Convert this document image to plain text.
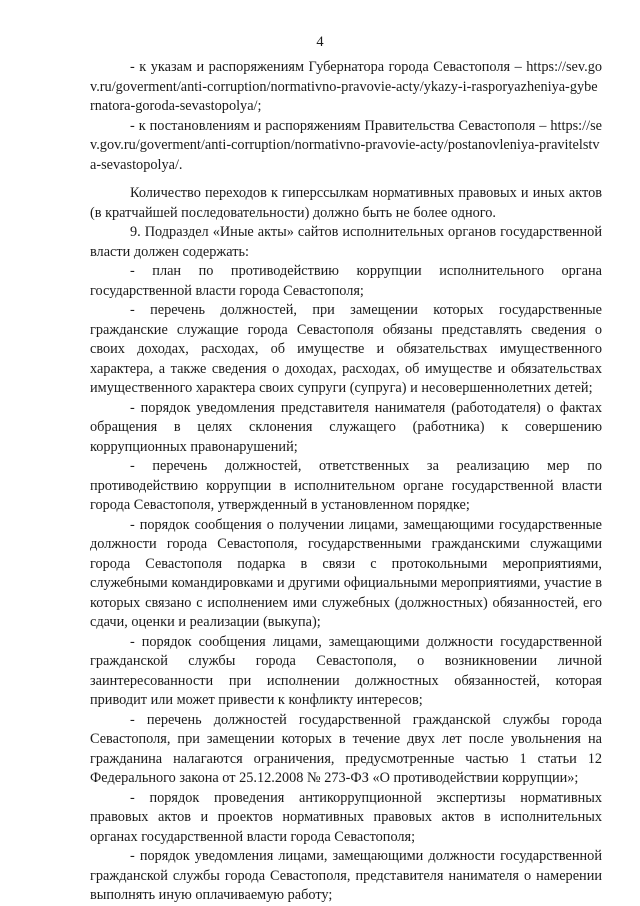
4

- к указам и распоряжениям Губернатора города Севастополя – https://sev.gov.ru/goverment/anti-corruption/normativno-pravovie-acty/ykazy-i-rasporyazheniya-gybernatora-goroda-sevastopolya/;

- к постановлениям и распоряжениям Правительства Севастополя – https://sev.gov.ru/goverment/anti-corruption/normativno-pravovie-acty/postanovleniya-pravitelstva-sevastopolya/.

Количество переходов к гиперссылкам нормативных правовых и иных актов (в кратчайшей последовательности) должно быть не более одного.

9. Подраздел «Иные акты» сайтов исполнительных органов государственной власти должен содержать:

- план по противодействию коррупции исполнительного органа государственной власти города Севастополя;

- перечень должностей, при замещении которых государственные гражданские служащие города Севастополя обязаны представлять сведения о своих доходах, расходах, об имуществе и обязательствах имущественного характера, а также сведения о доходах, расходах, об имуществе и обязательствах имущественного характера своих супруги (супруга) и несовершеннолетних детей;

- порядок уведомления представителя нанимателя (работодателя) о фактах обращения в целях склонения служащего (работника) к совершению коррупционных правонарушений;

- перечень должностей, ответственных за реализацию мер по противодействию коррупции в исполнительном органе государственной власти города Севастополя, утвержденный в установленном порядке;

- порядок сообщения о получении лицами, замещающими государственные должности города Севастополя, государственными гражданскими служащими города Севастополя подарка в связи с протокольными мероприятиями, служебными командировками и другими официальными мероприятиями, участие в которых связано с исполнением ими служебных (должностных) обязанностей, его сдачи, оценки и реализации (выкупа);

- порядок сообщения лицами, замещающими должности государственной гражданской службы города Севастополя, о возникновении личной заинтересованности при исполнении должностных обязанностей, которая приводит или может привести к конфликту интересов;

- перечень должностей государственной гражданской службы города Севастополя, при замещении которых в течение двух лет после увольнения на гражданина налагаются ограничения, предусмотренные частью 1 статьи 12 Федерального закона от 25.12.2008 № 273-ФЗ «О противодействии коррупции»;

- порядок проведения антикоррупционной экспертизы нормативных правовых актов и проектов нормативных правовых актов в исполнительных органах государственной власти города Севастополя;

- порядок уведомления лицами, замещающими должности государственной гражданской службы города Севастополя, представителя нанимателя о намерении выполнять иную оплачиваемую работу;
